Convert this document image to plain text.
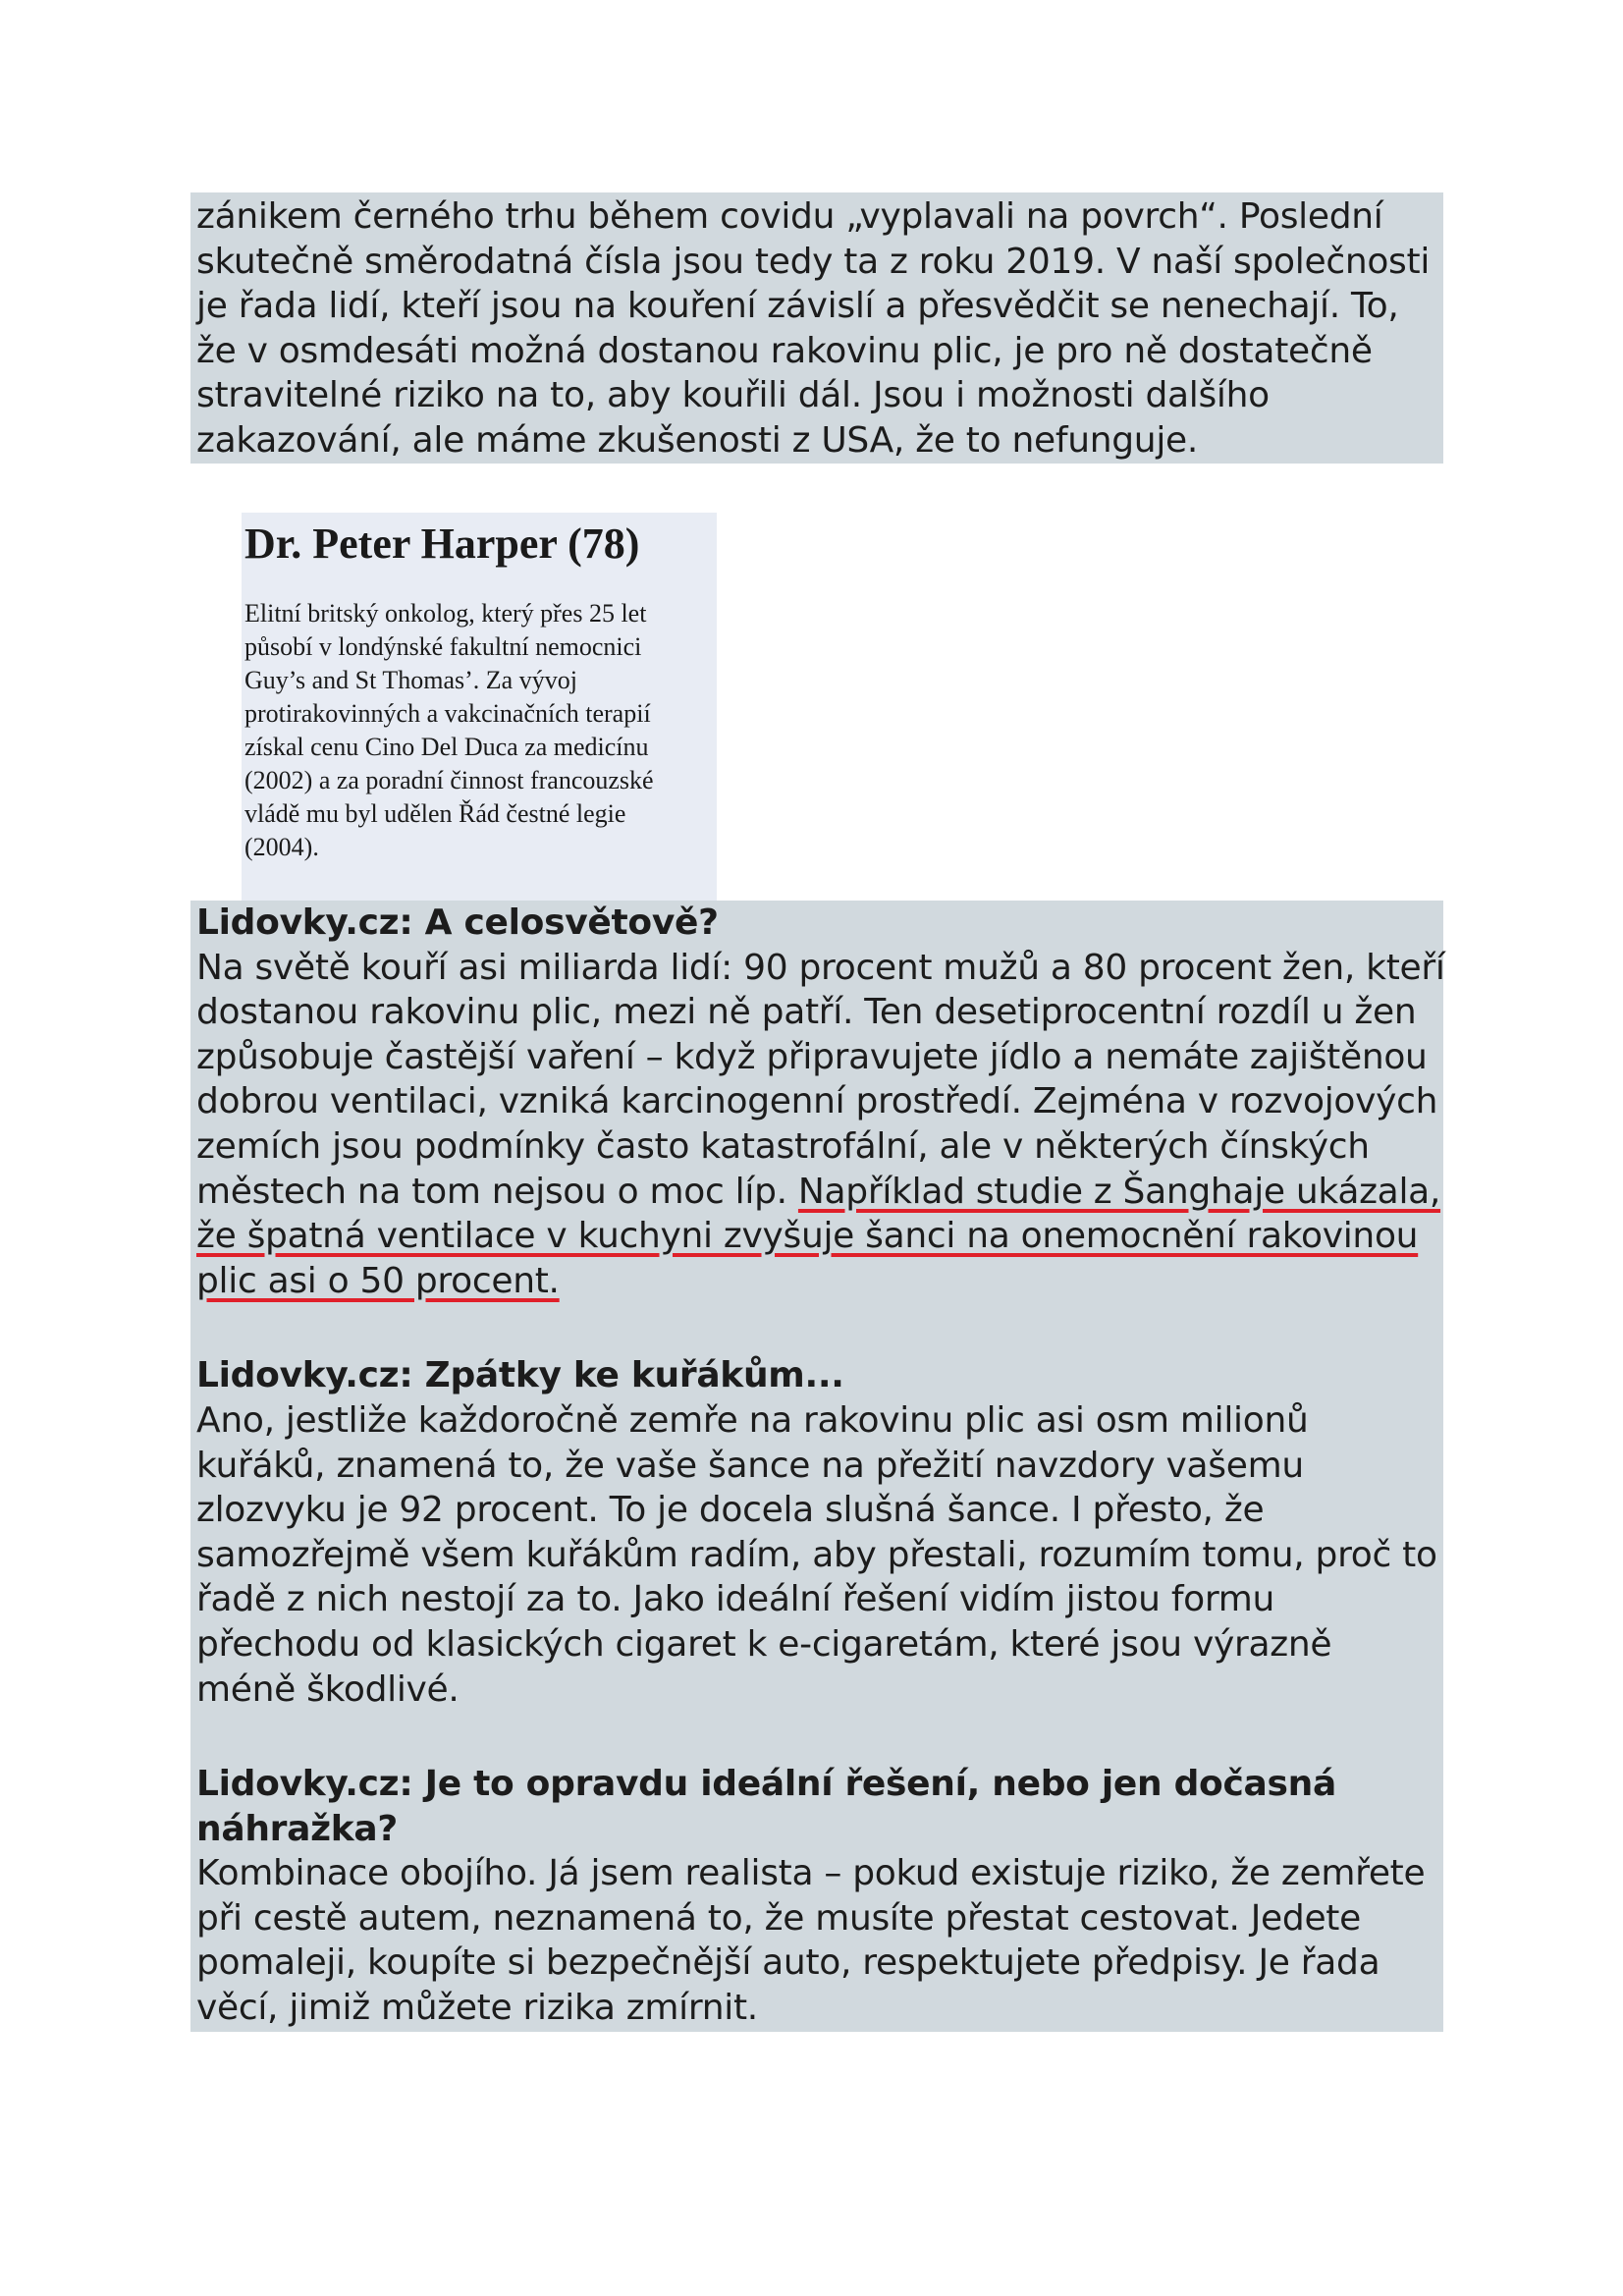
zánikem černého trhu během covidu „vyplavali na povrch“. Poslední
skutečně směrodatná čísla jsou tedy ta z roku 2019. V naší společnosti
je řada lidí, kteří jsou na kouření závislí a přesvědčit se nenechají. To,
že v osmdesáti možná dostanou rakovinu plic, je pro ně dostatečně
stravitelné riziko na to, aby kouřili dál. Jsou i možnosti dalšího
zakazování, ale máme zkušenosti z USA, že to nefunguje.

Dr. Peter Harper (78)

Elitní britský onkolog, který přes 25 let
působí v londýnské fakultní nemocnici
Guy’s and St Thomas’. Za vývoj
protirakovinných a vakcinačních terapií
získal cenu Cino Del Duca za medicínu
(2002) a za poradní činnost francouzské
vládě mu byl udělen Řád čestné legie
(2004).

Lidovky.cz: A celosvětově?

Na světě kouří asi miliarda lidí: 90 procent mužů a 80 procent žen, kteří
dostanou rakovinu plic, mezi ně patří. Ten desetiprocentní rozdíl u žen
způsobuje častější vaření – když připravujete jídlo a nemáte zajištěnou
dobrou ventilaci, vzniká karcinogenní prostředí. Zejména v rozvojových
zemích jsou podmínky často katastrofální, ale v některých čínských
městech na tom nejsou o moc líp. Například studie z Šanghaje ukázala,
že špatná ventilace v kuchyni zvyšuje šanci na onemocnění rakovinou
plic asi o 50 procent.

Lidovky.cz: Zpátky ke kuřákům...

Ano, jestliže každoročně zemře na rakovinu plic asi osm milionů
kuřáků, znamená to, že vaše šance na přežití navzdory vašemu
zlozvyku je 92 procent. To je docela slušná šance. I přesto, že
samozřejmě všem kuřákům radím, aby přestali, rozumím tomu, proč to
řadě z nich nestojí za to. Jako ideální řešení vidím jistou formu
přechodu od klasických cigaret k e-cigaretám, které jsou výrazně
méně škodlivé.

Lidovky.cz: Je to opravdu ideální řešení, nebo jen dočasná
náhražka?

Kombinace obojího. Já jsem realista – pokud existuje riziko, že zemřete
při cestě autem, neznamená to, že musíte přestat cestovat. Jedete
pomaleji, koupíte si bezpečnější auto, respektujete předpisy. Je řada
věcí, jimiž můžete rizika zmírnit.
